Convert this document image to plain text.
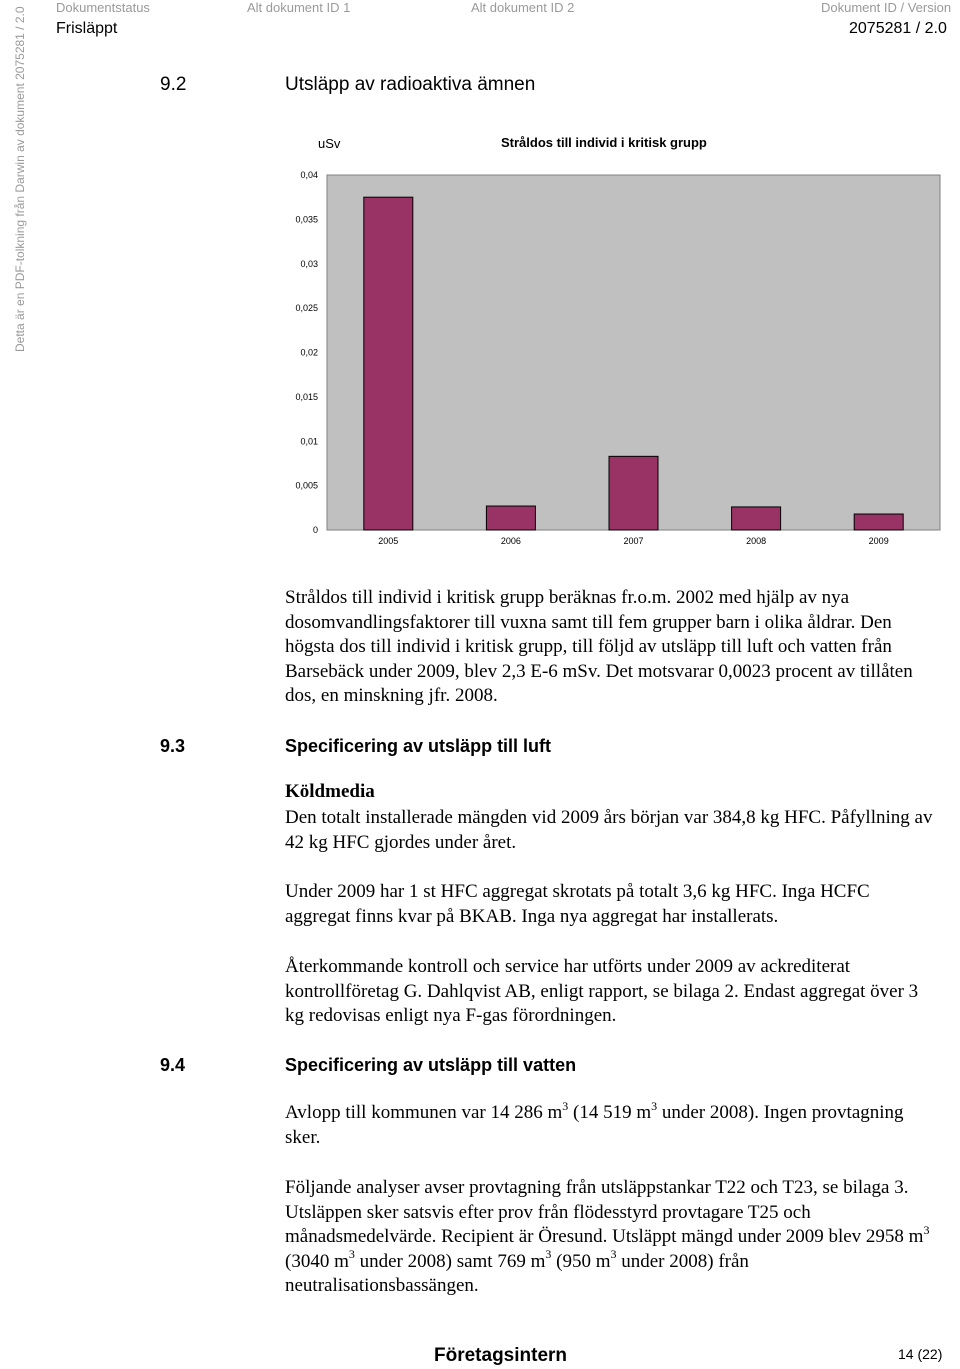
Dokumentstatus	Alt dokument ID 1	Alt dokument ID 2	Dokument ID / Version
Frisläppt	2075281 / 2.0
Detta är en PDF-tolkning från Darwin av dokument 2075281 / 2.0	9.2	Utsläpp av radioaktiva ämnen
uSv	Stråldos till individ i kritisk grupp
0,04
0,035
0,03
0,025
0,02
0,015
0,01
0,005
0
2005	2006	2007	2008	2009
Stråldos till individ i kritisk grupp beräknas fr.o.m. 2002 med hjälp av nya dosomvandlingsfaktorer till vuxna samt till fem grupper barn i olika åldrar. Den högsta dos till individ i kritisk grupp, till följd av utsläpp till luft och vatten från Barsebäck under 2009, blev 2,3 E-6 mSv. Det motsvarar 0,0023 procent av tillåten dos, en minskning jfr. 2008.
9.3	Specificering av utsläpp till luft
Köldmedia
Den totalt installerade mängden vid 2009 års början var 384,8 kg HFC. Påfyllning av 42 kg HFC gjordes under året.
Under 2009 har 1 st HFC aggregat skrotats på totalt 3,6 kg HFC. Inga HCFC aggregat finns kvar på BKAB. Inga nya aggregat har installerats.
Återkommande kontroll och service har utförts under 2009 av ackrediterat kontrollföretag G. Dahlqvist AB, enligt rapport, se bilaga 2. Endast aggregat över 3 kg redovisas enligt nya F-gas förordningen.
9.4	Specificering av utsläpp till vatten
Avlopp till kommunen var 14 286 $m^3$ (14 519 $m^3$ under 2008). Ingen provtagning sker.
Följande analyser avser provtagning från utsläppstankar T22 och T23, se bilaga 3. Utsläppen sker satsvis efter prov från flödesstyrd provtagare T25 och månadsmedelvärde. Recipient är Öresund. Utsläppt mängd under 2009 blev 2958 $m^3$ (3040 $m^3$ under 2008) samt 769 $m^3$ (950 $m^3$ under 2008) från neutralisationsbassängen.
Företagsintern	14 (22)
